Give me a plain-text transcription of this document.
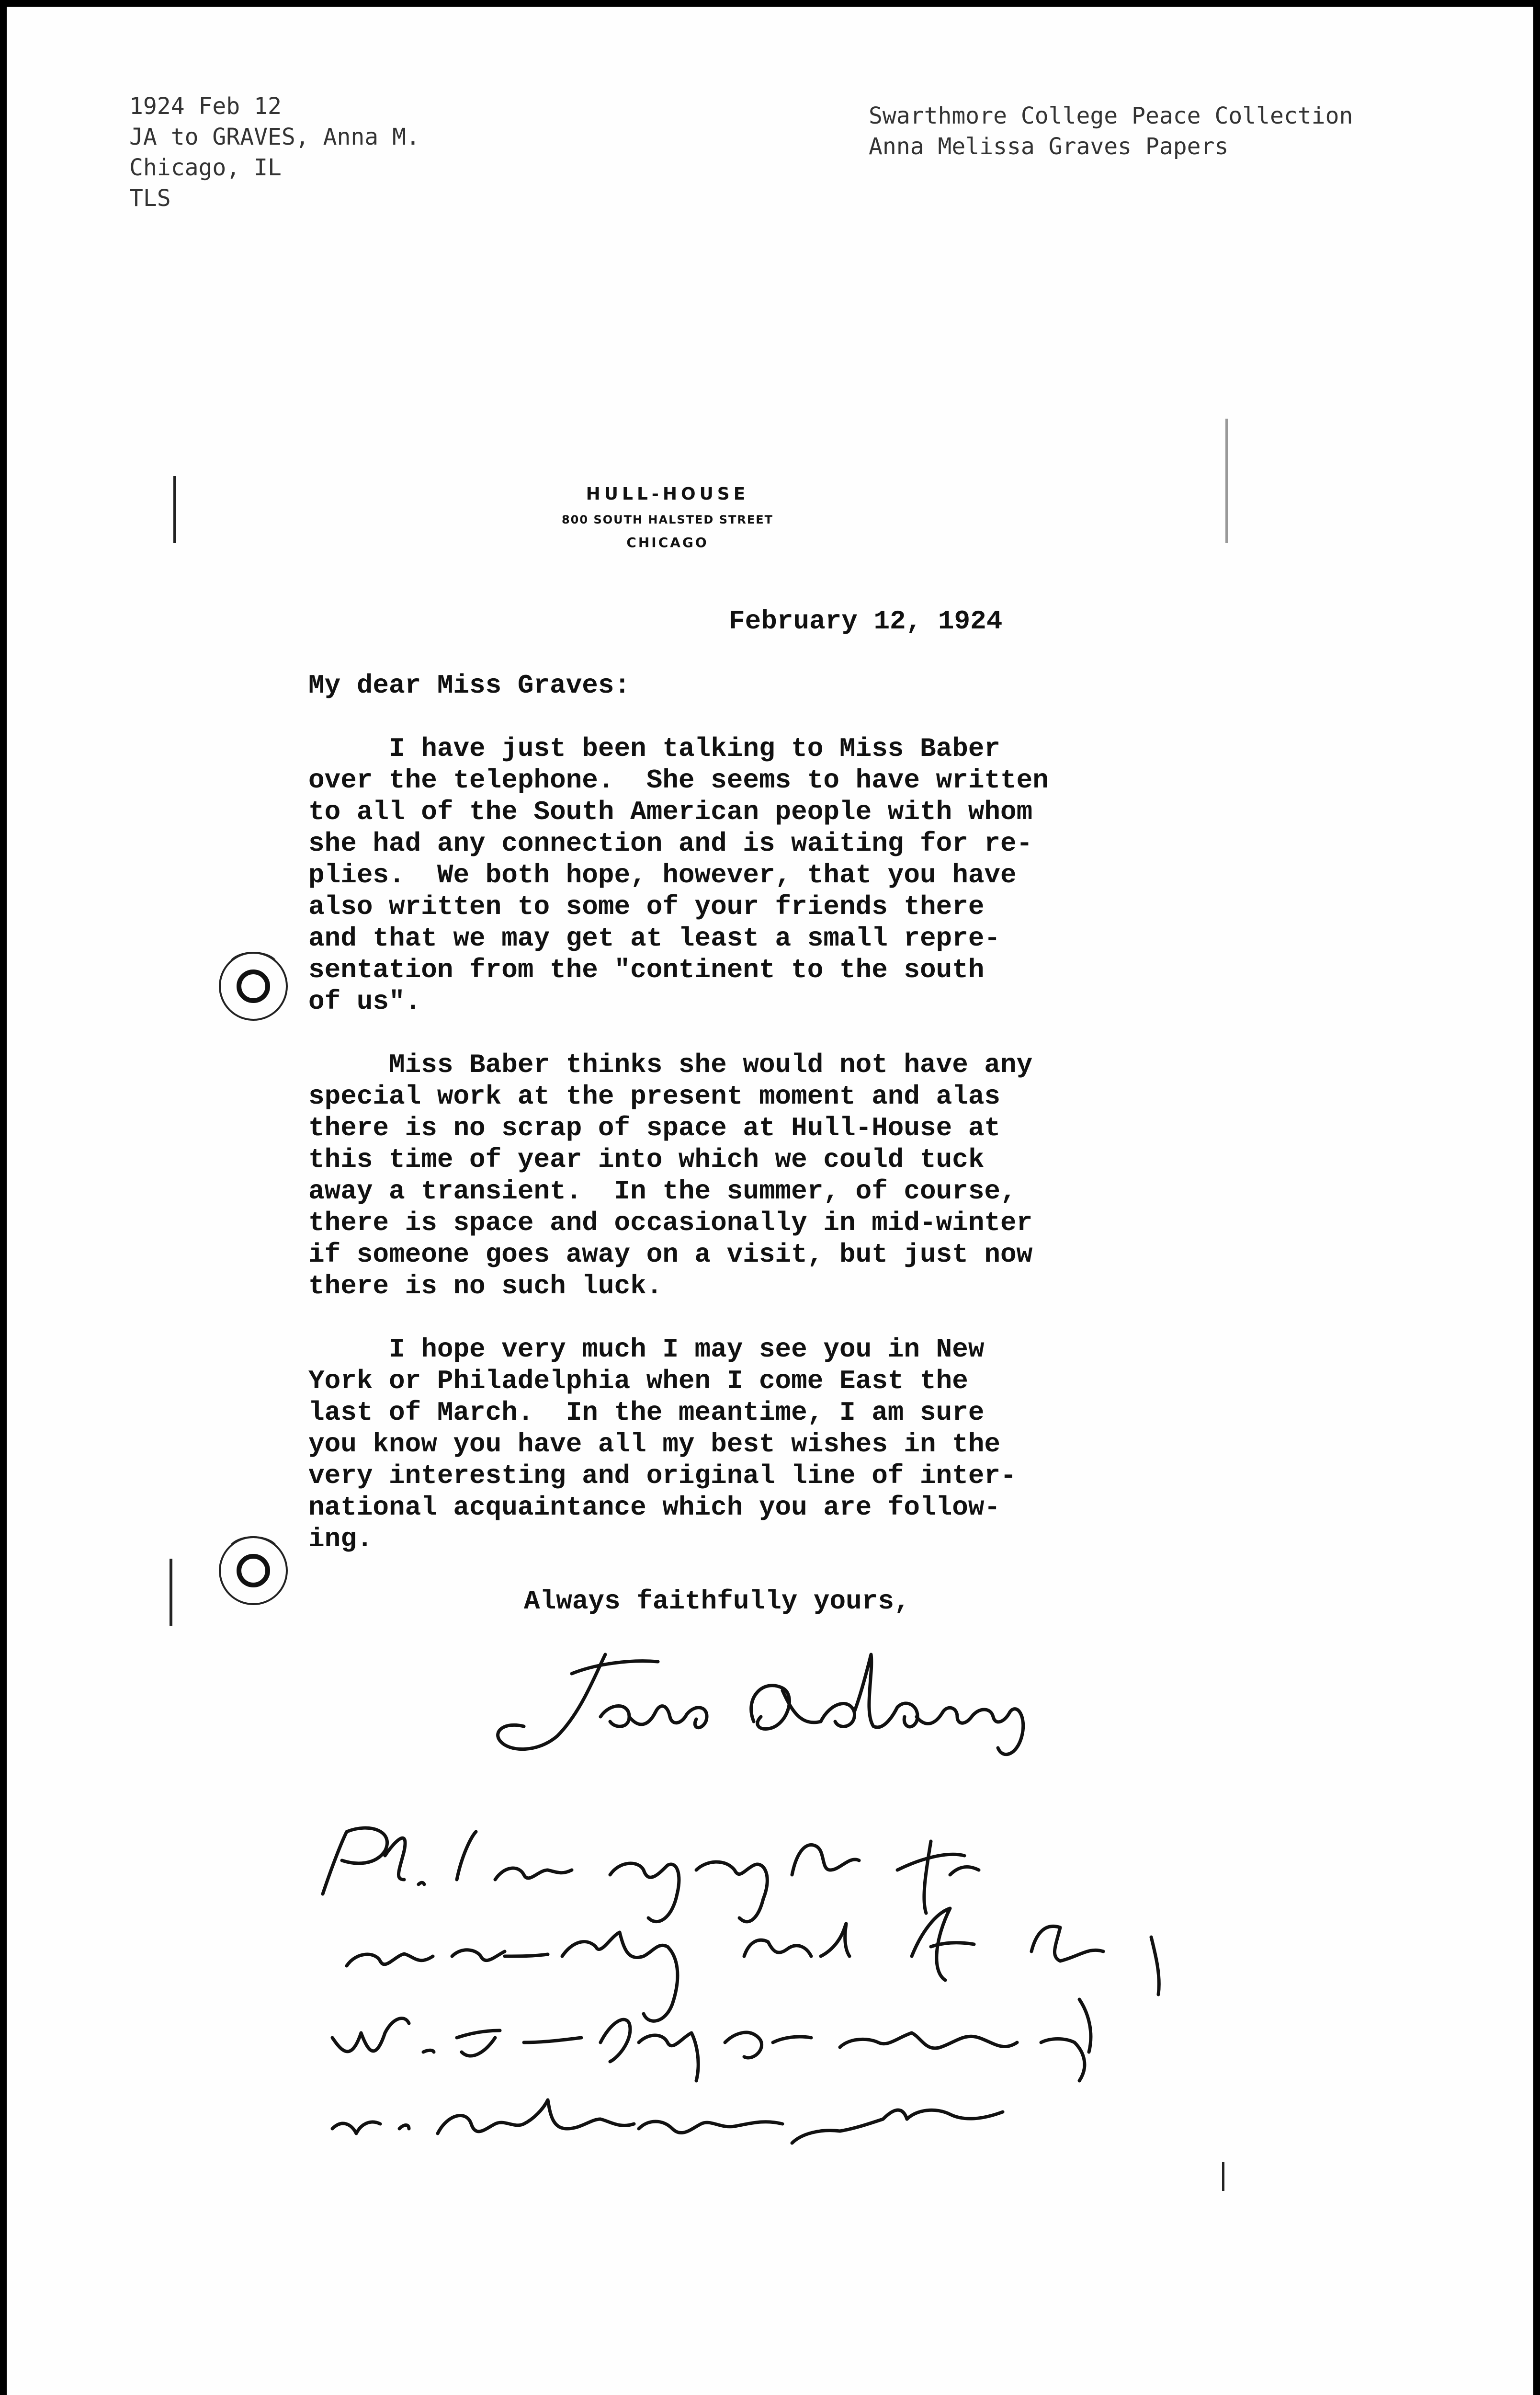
1924 Feb 12
JA to GRAVES, Anna M.
Chicago, IL
TLS
Swarthmore College Peace Collection
Anna Melissa Graves Papers
HULL-HOUSE
800 SOUTH HALSTED STREET
CHICAGO
February 12, 1924
My dear Miss Graves:
I have just been talking to Miss Baber
over the telephone.  She seems to have written
to all of the South American people with whom
she had any connection and is waiting for re-
plies.  We both hope, however, that you have
also written to some of your friends there
and that we may get at least a small repre-
sentation from the "continent to the south
of us".
Miss Baber thinks she would not have any
special work at the present moment and alas
there is no scrap of space at Hull-House at
this time of year into which we could tuck
away a transient.  In the summer, of course,
there is space and occasionally in mid-winter
if someone goes away on a visit, but just now
there is no such luck.
I hope very much I may see you in New
York or Philadelphia when I come East the
last of March.  In the meantime, I am sure
you know you have all my best wishes in the
very interesting and original line of inter-
national acquaintance which you are follow-
ing.
Always faithfully yours,
